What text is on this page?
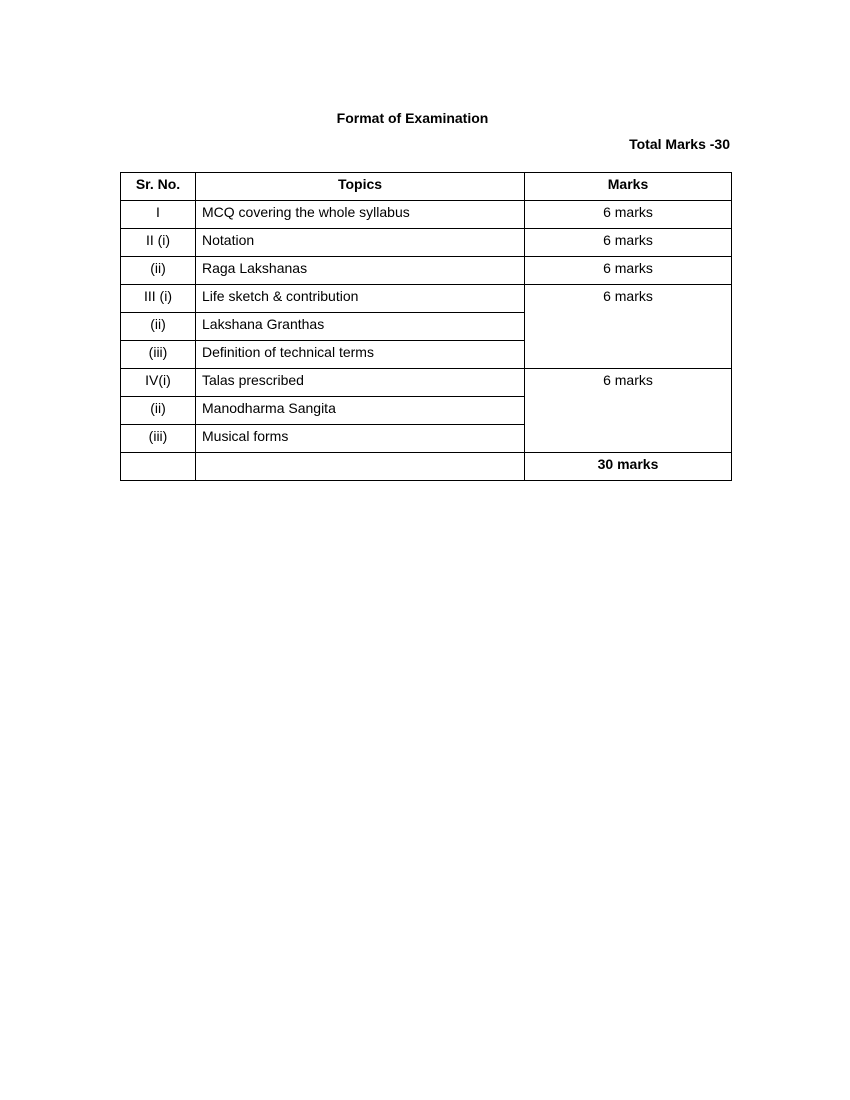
Format of Examination
Total Marks -30
Sr. No.	Topics	Marks
I	MCQ covering the whole syllabus	6 marks
II (i)	Notation	6 marks
(ii)	Raga Lakshanas	6 marks
III (i)	Life sketch & contribution	6 marks
(ii)	Lakshana Granthas	
(iii)	Definition of technical terms	
IV(i)	Talas prescribed	6 marks
(ii)	Manodharma Sangita	
(iii)	Musical forms	
		30 marks
